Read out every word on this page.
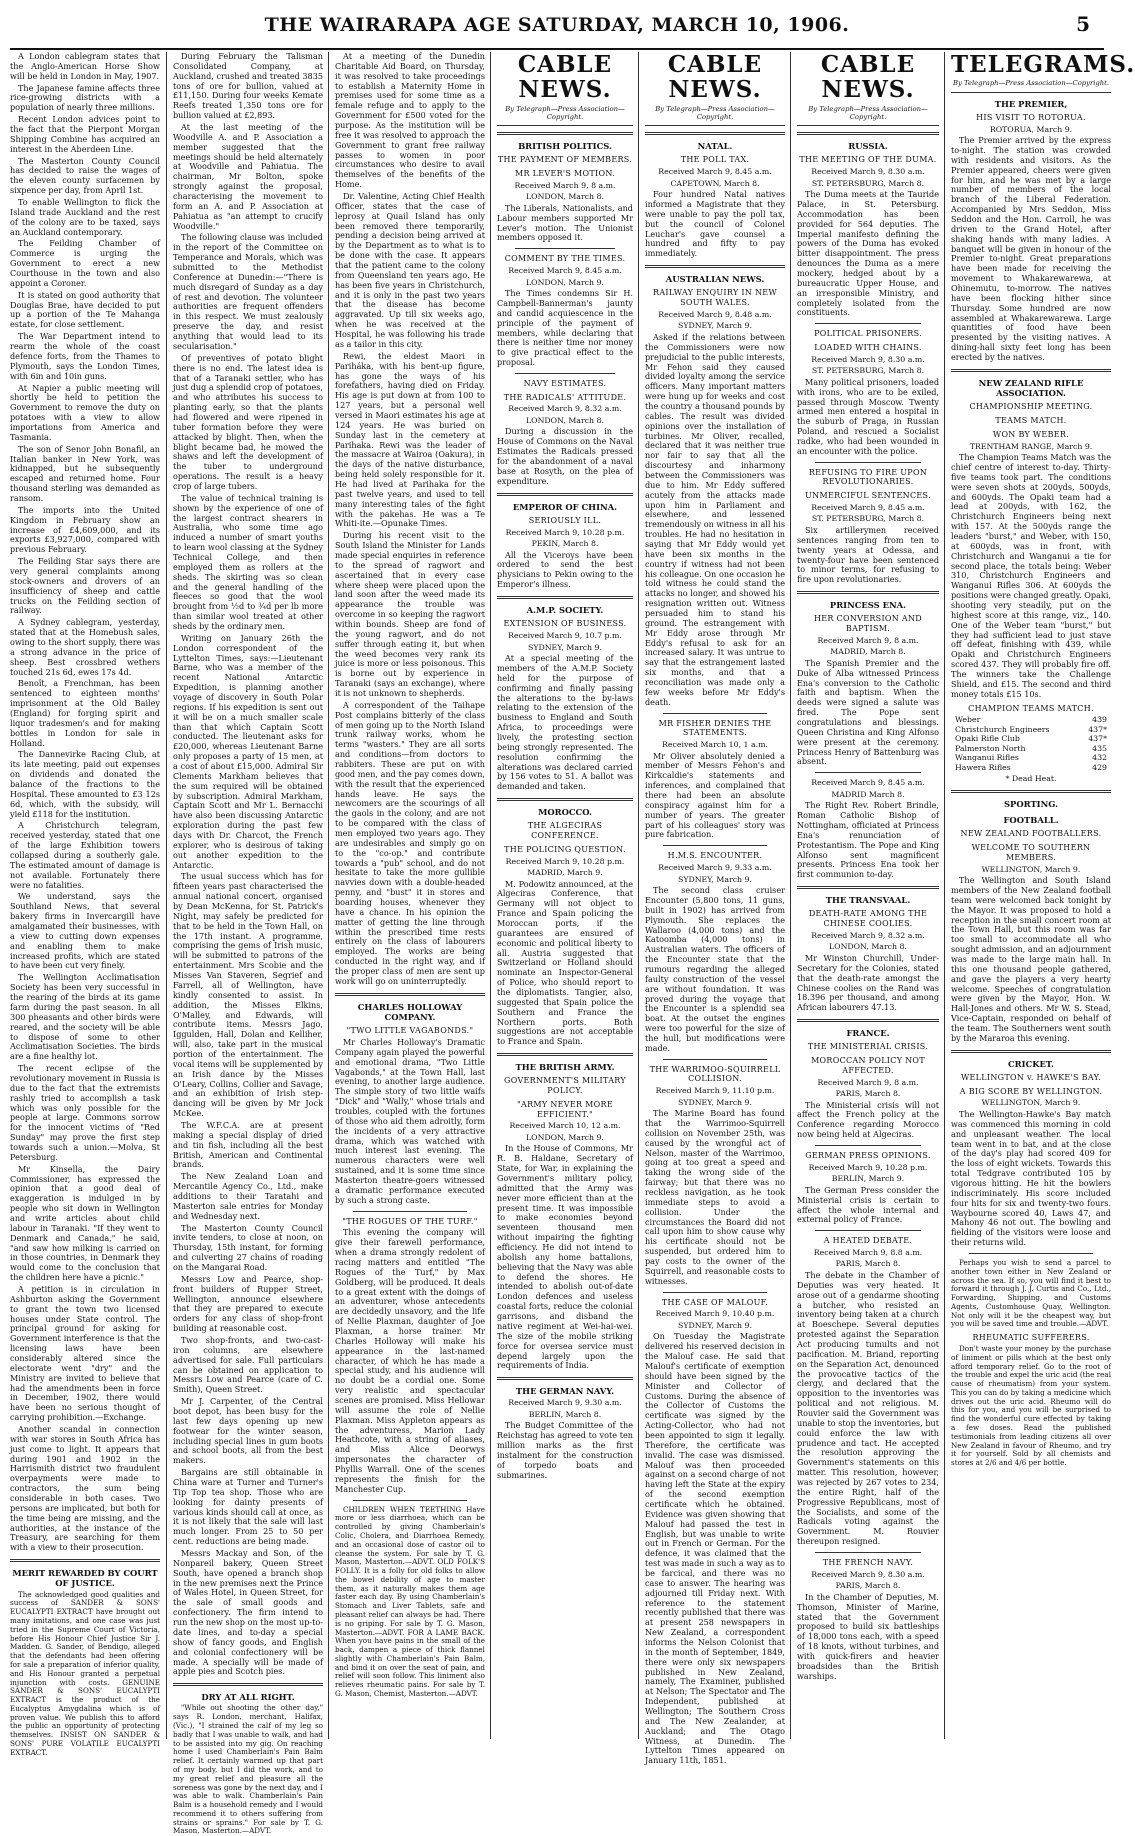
THE WAIRARAPA AGE SATURDAY, MARCH 10, 1906.	5

A London cablegram states that the Anglo-American Horse Show will be held in London in May, 1907.

The Japanese famine affects three rice-growing districts with a population of nearly three millions.

Recent London advices point to the fact that the Pierpont Morgan Shipping Combine has acquired an interest in the Aberdeen Line.

The Masterton County Council has decided to raise the wages of the eleven county surfacemen by sixpence per day, from April 1st.

To enable Wellington to flick the Island trade Auckland and the rest of the colony are to be taxed, says an Auckland contemporary.

The Feilding Chamber of Commerce is urging the Government to erect a new Courthouse in the town and also appoint a Coroner.

It is stated on good authority that Douglas Brae, have decided to put up a portion of the Te Mahanga estate, for close settlement.

The War Department intend to rearm the whole of the coast defence forts, from the Thames to Plymouth, says the London Times, with 6in and 10in guns.

At Napier a public meeting will shortly be held to petition the Government to remove the duty on potatoes with a view to allow importations from America and Tasmania.

The son of Senor John Bonafil, an Italian banker in New York, was kidnapped, but he subsequently escaped and returned home. Four thousand sterling was demanded as ransom.

The imports into the United Kingdom in February show an increase of £4,609,000, and its exports £3,927,000, compared with previous February.

The Feilding Star says there are very general complaints among stock-owners and drovers of an insufficiency of sheep and cattle trucks on the Feilding section of railway.

A Sydney cablegram, yesterday, stated that at the Homebush sales, owing to the short supply, there was a strong advance in the price of sheep. Best crossbred wethers touched 21s 6d, ewes 17s 4d.

Benoît, a Frenchman, has been sentenced to eighteen months' imprisonment at the Old Bailey (England) for forging spirit and liquor tradesmen's and for making bottles in London for sale in Holland.

The Dannevirke Racing Club, at its late meeting, paid out expenses on dividends and donated the balance of the fractions to the Hospital. These amounted to £3 12s 6d, which, with the subsidy, will yield £118 for the institution.

A Christchurch telegram, received yesterday, stated that one of the large Exhibition towers collapsed during a southerly gale. The estimated amount of damage is not available. Fortunately there were no fatalities.

We understand, says the Southland News, that several bakery firms in Invercargill have amalgamated their businesses, with a view to cutting down expenses and enabling them to make increased profits, which are stated to have been cut very finely.

The Wellington Acclimatisation Society has been very successful in the rearing of the birds at its game farm during the past season. In all 300 pheasants and other birds were reared, and the society will be able to dispose of some to other Acclimatisation Societies. The birds are a fine healthy lot.

The recent eclipse of the revolutionary movement in Russia is due to the fact that the extremists rashly tried to accomplish a task which was only possible for the people at large. Commons sorrow for the innocent victims of "Red Sunday" may prove the first step towards such a union.—Molva, St Petersburg.

Mr Kinsella, the Dairy Commissioner, has expressed the opinion that a good deal of exaggeration is indulged in by people who sit down in Wellington and write articles about child labour in Taranaki. "If they went to Denmark and Canada," he said, "and saw how milking is carried on in those countries, in Denmark they would come to the conclusion that the children here have a picnic."

A petition is in circulation in Ashburton asking the Government to grant the town two licensed houses under State control. The principal ground for asking for Government interference is that the licensing laws have been considerably altered since the electorate went "dry" and the Ministry are invited to believe that had the amendments been in force in December, 1902, there would have been no serious thought of carrying prohibition.—Exchange.

Another scandal in connection with war stores in South Africa has just come to light. It appears that during 1901 and 1902 in the Harrismith district two fraudulent overpayments were made to contractors, the sum being considerable in both cases. Two persons are implicated, but both for the time being are missing, and the authorities, at the instance of the Treasury, are searching for them with a view to their prosecution.

MERIT REWARDED BY COURT OF JUSTICE.

The acknowledged good qualities and success of SANDER & SONS' EUCALYPTI EXTRACT have brought out many imitations, and one case was just tried in the Supreme Court of Victoria, before His Honour Chief Justice Sir J. Madden. G. Sander, of Bendigo, alleged that the defendants had been offering for sale a preparation of inferior quality, and His Honour granted a perpetual injunction with costs. GENUINE SANDER & SONS' EUCALYPTI EXTRACT is the product of the Eucalyptus Amygdalina which is of proven value. We publish this to afford the public an opportunity of protecting themselves. INSIST ON SANDER & SONS' PURE VOLATILE EUCALYPTI EXTRACT.

During February the Talisman Consolidated Company, at Auckland, crushed and treated 3835 tons of ore for bullion, valued at £11,150. During four weeks Kemate Reefs treated 1,350 tons ore for bullion valued at £2,893.

At the last meeting of the Woodville A. and P. Association a member suggested that the meetings should be held alternately at Woodville and Pahiatua. The chairman, Mr Bolton, spoke strongly against the proposal, characterising the movement to form an A. and P. Association at Pahiatua as "an attempt to crucify Woodville."

The following clause was included in the report of the Committee on Temperance and Morals, which was submitted to the Methodist Conference at Dunedin:—"There is much disregard of Sunday as a day of rest and devotion. The volunteer authorities are frequent offenders in this respect. We must zealously preserve the day, and resist anything that would lead to its secularisation."

Of preventives of potato blight there is no end. The latest idea is that of a Taranaki settler, who has just dug a splendid crop of potatoes, and who attributes his success to planting early, so that the plants had flowered and were ripened in tuber formation before they were attacked by blight. Then, when the blight became bad, he mowed the shaws and left the development of the tuber to underground operations. The result is a heavy crop of large tubers.

The value of technical training is shown by the experience of one of the largest contract shearers in Australia, who some time ago induced a number of smart youths to learn wool classing at the Sydney Technical College, and then employed them as rollers at the sheds. The skirting was so clean and the general handling of the fleeces so good that the wool brought from ½d to ¾d per lb more than similar wool treated at other sheds by the ordinary men.

Writing on January 26th the London correspondent of the Lyttelton Times, says:—Lieutenant Barne, who was a member of the recent National Antarctic Expedition, is planning another voyage of discovery in South Polar regions. If his expedition is sent out it will be on a much smaller scale than that which Captain Scott conducted. The lieutenant asks for £20,000, whereas Lieutenant Barne only proposes a party of 15 men, at a cost of about £15,000. Admiral Sir Clements Markham believes that the sum required will be obtained by subscription. Admiral Markham, Captain Scott and Mr L. Bernacchi have also been discussing Antarctic exploration during the past few days with Dr. Charcot, the French explorer, who is desirous of taking out another expedition to the Antarctic.

The usual success which has for fifteen years past characterised the annual national concert, organised by Dean McKenna, for St. Patrick's Night, may safely be predicted for that to be held in the Town Hall, on the 17th instant. A programme, comprising the gems of Irish music, will be submitted to patrons of the entertainment. Mrs Scobie and the Misses Van Staveren, Segrief and Farrell, all of Wellington, have kindly consented to assist. In addition, the Misses Elkins, O'Malley, and Edwards, will contribute items. Messrs Jago, Iggulden, Hall, Dolan and Kelliher, will, also, take part in the musical portion of the entertainment. The vocal items will be supplemented by an Irish dance by the Misses O'Leary, Collins, Collier and Savage, and an exhibition of Irish step-dancing will be given by Mr Jock McKee.

The W.F.C.A. are at present making a special display of dried and tin fish, including all the best British, American and Continental brands.

The New Zealand Loan and Mercantile Agency Co., Ltd., make additions to their Taratahi and Masterton sale entries for Monday and Wednesday next.

The Masterton County Council invite tenders, to close at noon, on Thursday, 15th instant, for forming and culverting 27 chains of roading on the Mangarai Road.

Messrs Low and Pearce, shop-front builders of Rupper Street, Wellington, announce elsewhere that they are prepared to execute orders for any class of shop-front building at reasonable cost.

Two shop-fronts, and two-cast-iron columns, are elsewhere advertised for sale. Full particulars can be obtained on application to Messrs Low and Pearce (care of C. Smith), Queen Street.

Mr J. Carpenter, of the Central boot depot, has been busy for the last few days opening up new footwear for the winter season, including special lines in gum boots and school boots, all from the best makers.

Bargains are still obtainable in China ware at Turner and Turner's Tip Top tea shop. Those who are looking for dainty presents of various kinds should call at once, as it is not likely that the sale will last much longer. From 25 to 50 per cent. reductions are being made.

Messrs Mackay and Son, of the Nonpareil bakery, Queen Street South, have opened a branch shop in the new premises next the Prince of Wales Hotel, in Queen Street, for the sale of small goods and confectionery. The firm intend to run the new shop on the most up-to-date lines, and to-day a special show of fancy goods, and English and colonial confectionery will be made. A specially will be made of apple pies and Scotch pies.

DRY AT ALL RIGHT.

"While out shooting the other day," says R. London, merchant, Halifax, (Vic.), "I strained the calf of my leg so badly that I was unable to walk, and had to be assisted into my gig. On reaching home I used Chamberlain's Pain Balm relief. It certainly warmed up that part of my body, but I did the work, and to my great relief and pleasure all the soreness was gone by the next day, and I was able to walk. Chamberlain's Pain Balm is a household remedy and I would recommend it to others suffering from strains or sprains." For sale by T. G. Mason, Masterton.—ADVT.

At a meeting of the Dunedin Charitable Aid Board, on Thursday, it was resolved to take proceedings to establish a Maternity Home in premises used for some time as a female refuge and to apply to the Government for £500 voted for the purpose. As the institution will be free it was resolved to approach the Government to grant free railway passes to women in poor circumstances who desire to avail themselves of the benefits of the Home.

Dr. Valentine, Acting Chief Health Officer, states that the case of leprosy at Quail Island has only been removed there temporarily, pending a decision being arrived at by the Department as to what is to be done with the case. It appears that the patient came to the colony from Queensland ten years ago. He has been five years in Christchurch, and it is only in the past two years that the disease has become aggravated. Up till six weeks ago, when he was received at the Hospital, he was following his trade as a tailor in this city.

Rewi, the eldest Maori in Pariháka, with his bent-up figure, has gone the ways of his forefathers, having died on Friday. His age is put down at from 100 to 127 years, but a personal well versed in Maori estimates his age at 124 years. He was buried on Sunday last in the cemetery at Parihaka. Rewi was the leader of the massacre at Wairoa (Oakura), in the days of the native disturbance, being held solely responsible for it. He had lived at Parihaka for the past twelve years, and used to tell many interesting tales of the fight with the pakehas. He was a Te Whiti-ite.—Opunake Times.

During his recent visit to the South Island the Minister for Lands made special enquiries in reference to the spread of ragwort and ascertained that in every case where sheep were placed upon the land soon after the weed made its appearance the trouble was overcome in so keeping the ragwort within bounds. Sheep are fond of the young ragwort, and do not suffer through eating it, but when the weed becomes very rank its juice is more or less poisonous. This is borne out by experience in Taranaki (says an exchange), where it is not unknown to shepherds.

A correspondent of the Taihape Post complains bitterly of the class of men going up to the North Island trunk railway works, whom he terms "wasters." They are all sorts and conditions—from doctors to rabbiters. These are put on with good men, and the pay comes down, with the result that the experienced hands leave. He says the newcomers are the scourings of all the gaols in the colony, and are not to be compared with the class of men employed two years ago. They are undesirables and simply go on to the "co-op." and contribute towards a "pub" school, and do not hesitate to take the more gullible navvies down with a double-headed penny, and "bust" it in stores and boarding houses, whenever they have a chance. In his opinion the matter of getting the line through within the prescribed time rests entirely on the class of labourers employed. The works are being conducted in the right way, and if the proper class of men are sent up work will go on uninterruptedly.

CHARLES HOLLOWAY COMPANY.
"TWO LITTLE VAGABONDS."

Mr Charles Holloway's Dramatic Company again played the powerful and emotional drama, "Two Little Vagabonds," at the Town Hall, last evening, to another large audience. The simple story of two little waifs "Dick" and "Wally," whose trials and troubles, coupled with the fortunes of those who aid them adroitly, form the incidents of a very attractive drama, which was watched with much interest last evening. The numerous characters were well sustained, and it is some time since Masterton theatre-goers witnessed a dramatic performance executed by such a strong caste.

"THE ROGUES OF THE TURF."

This evening the company will give their farewell performance, when a drama strongly redolent of racing matters and entitled "The Rogues of the Turf," by Max Goldberg, will be produced. It deals to a great extent with the doings of an adventurer, whose antecedents are decidedly unsavory, and the life of Nellie Plaxman, daughter of Joe Plaxman, a horse trainer. Mr Charles Holloway will make his appearance in the last-named character, of which he has made a special study, and his audience will no doubt be a cordial one. Some very realistic and spectacular scenes are promised. Miss Hellowar will assume the role of Nellie Plaxman. Miss Appleton appears as the adventuress, Marion Lady Heathcote, with a string of aliases, and Miss Alice Deorwys impersonates the character of Phyllis Warrall. One of the scenes represents the finish for the Manchester Cup.

CHILDREN WHEN TEETHING Have more or less diarrhoea, which can be controlled by giving Chamberlain's Colic, Cholera, and Diarrhoea Remedy, and an occasional dose of castor oil to cleanse the system. For sale by T. G. Mason, Masterton.—ADVT. OLD FOLK'S FOLLY. It is a folly for old folks to allow the bowel debility of age to master them, as it naturally makes them age faster each day. By using Chamberlain's Stomach and Liver Tablets, safe and pleasant relief can always be had. There is no griping. For sale by T. G. Mason, Masterton.—ADVT. FOR A LAME BACK. When you have pains in the small of the back, dampen a piece of thick flannel slightly with Chamberlain's Pain Balm, and bind it on over the seat of pain, and relief will soon follow. This liniment also relieves rheumatic pains. For sale by T. G. Mason, Chemist, Masterton.—ADVT.

CABLE NEWS.
By Telegraph—Press Association—Copyright.
BRITISH POLITICS.
THE PAYMENT OF MEMBERS.
MR LEVER'S MOTION.
Received March 9, 8 a.m.
LONDON, March 8.

The Liberals, Nationalists, and Labour members supported Mr Lever's motion. The Unionist members opposed it.

COMMENT BY THE TIMES.
Received March 9, 8.45 a.m.
LONDON, March 9.

The Times condemns Sir H. Campbell-Bannerman's jaunty and candid acquiescence in the principle of the payment of members, while declaring that there is neither time nor money to give practical effect to the proposal.

NAVY ESTIMATES.
THE RADICALS' ATTITUDE.
Received March 9, 8.32 a.m.
LONDON, March 8.

During a discussion in the House of Commons on the Naval Estimates the Radicals pressed for the abandonment of a naval base at Rosyth, on the plea of expenditure.

EMPEROR OF CHINA.
SERIOUSLY ILL.
Received March 9, 10.28 p.m.
PEKIN, March 8.

All the Viceroys have been ordered to send the best physicians to Pekin owing to the Emperor's illness.

A.M.P. SOCIETY.
EXTENSION OF BUSINESS.
Received March 9, 10.7 p.m.
SYDNEY, March 9.

At a special meeting of the members of the A.M.P. Society held for the purpose of confirming and finally passing the alterations to the by-laws relating to the extension of the business to England and South Africa, to proceedings were lively, the protesting section being strongly represented. The resolution confirming the alterations was declared carried by 156 votes to 51. A ballot was demanded and taken.

MOROCCO.
THE ALGECIRAS CONFERENCE.
THE POLICING QUESTION.
Received March 9, 10.28 p.m.
MADRID, March 9.

M. Podowitz announced, at the Algeciras Conference, that Germany will not object to France and Spain policing the Moroccan ports, if the guarantees are ensured of economic and political liberty to all. Austria suggested that Switzerland or Holland should nominate an Inspector-General of Police, who should report to the diplomatists. Tangier, also, suggested that Spain police the Southern and France the Northern ports. Both suggestions are not acceptable to France and Spain.

THE BRITISH ARMY.
GOVERNMENT'S MILITARY POLICY.
"ARMY NEVER MORE EFFICIENT."
Received March 10, 12 a.m.
LONDON, March 9.

In the House of Commons, Mr R. B. Haldane, Secretary of State, for War, in explaining the Government's military policy, admitted that the Army was never more efficient than at the present time. It was impossible to make economies beyond seventeen thousand men without impairing the fighting efficiency. He did not intend to abolish any home battalions, believing that the Navy was able to defend the shores. He intended to abolish out-of-date London defences and useless coastal forts, reduce the colonial garrisons, and disband the native regiment at Wei-hai-wei. The size of the mobile striking force for oversea service must depend largely upon the requirements of India.

THE GERMAN NAVY.
Received March 9, 9.30 a.m.
BERLIN, March 8.

The Budget Committee of the Reichstag has agreed to vote ten million marks as the first instalment for the construction of torpedo boats and submarines.

CABLE NEWS.
By Telegraph—Press Association—Copyright.
NATAL.
THE POLL TAX.
Received March 9, 8.45 a.m.
CAPETOWN, March 8.

Four hundred Natal natives informed a Magistrate that they were unable to pay the poll tax, but the council of Colonel Leuchar's gave counsel a hundred and fifty to pay immediately.

AUSTRALIAN NEWS.
RAILWAY ENQUIRY IN NEW SOUTH WALES.
Received March 9, 8.48 a.m.
SYDNEY, March 9.

Asked if the relations between the Commissioners were now prejudicial to the public interests, Mr Fehon said they caused divided loyalty among the service officers. Many important matters were hung up for weeks and cost the country a thousand pounds by cables. The result was divided opinions over the installation of turbines. Mr Oliver, recalled, declared that it was neither true nor fair to say that all the discourtesy and inharmony between the Commissioners was due to him. Mr Eddy suffered acutely from the attacks made upon him in Parliament and elsewhere, and lessened tremendously on witness in all his troubles. He had no hesitation in saying that Mr Eddy would yet have been six months in the country if witness had not been his colleague. On one occasion he told witness he could stand the attacks no longer, and showed his resignation written out. Witness persuaded him to stand his ground. The estrangement with Mr Eddy arose through Mr Eddy's refusal to ask for an increased salary. It was untrue to say that the estrangement lasted six months, and that a reconciliation was made only a few weeks before Mr Eddy's death.

MR FISHER DENIES THE STATEMENTS.
Received March 10, 1 a.m.

Mr Oliver absolutely denied a member of Messrs Fehon's and Kirkcaldie's statements and inferences, and complained that there had been an absolute conspiracy against him for a number of years. The greater part of his colleagues' story was pure fabrication.

H.M.S. ENCOUNTER.
Received March 9, 9.33 a.m.
SYDNEY, March 9.

The second class cruiser Encounter (5,800 tons, 11 guns, built in 1902) has arrived from Plymouth. She replaces the Wallaroo (4,000 tons) and the Katoomba (4,000 tons) in Australian waters. The officers of the Encounter state that the rumours regarding the alleged faulty construction of the vessel are without foundation. It was proved during the voyage that the Encounter is a splendid sea boat. At the outset the engines were too powerful for the size of the hull, but modifications were made.

THE WARRIMOO-SQUIRRELL COLLISION.
Received March 9, 11.10 p.m.
SYDNEY, March 9.

The Marine Board has found that the Warrimoo-Squirrell collision on November 25th, was caused by the wrongful act of Nelson, master of the Warrimoo, going at too great a speed and taking the wrong side of the fairway; but that there was no reckless navigation, as he took immediate steps to avoid a collision. Under the circumstances the Board did not call upon him to show cause why his certificate should not be suspended, but ordered him to pay costs to the owner of the Squirrell, and reasonable costs to witnesses.

THE CASE OF MALOUF.
Received March 9, 10.40 p.m.
SYDNEY, March 9.

On Tuesday the Magistrate delivered his reserved decision in the Malouf case. He said that Malouf's certificate of exemption should have been signed by the Minister and Collector of Customs. During the absence of the Collector of Customs the certificate was signed by the Acting-Collector, who had not been appointed to sign it legally. Therefore, the certificate was invalid. The case was dismissed. Malouf was then proceeded against on a second charge of not having left the State at the expiry of the second exemption certificate which he obtained. Evidence was given showing that Malouf had passed the test in English, but was unable to write out in French or German. For the defence, it was claimed that the test was made in such a way as to be farcical, and there was no case to answer. The hearing was adjourned till Friday next. With reference to the statement recently published that there was at present 258 newspapers in New Zealand, a correspondent informs the Nelson Colonist that in the month of September, 1849, there were only six newspapers published in New Zealand, namely, The Examiner, published at Nelson; The Spectator and The Independent, published at Wellington; The Southern Cross and The New Zealander, at Auckland; and The Otago Witness, at Dunedin. The Lyttelton Times appeared on January 11th, 1851.

CABLE NEWS.
By Telegraph—Press Association—Copyright.
RUSSIA.
THE MEETING OF THE DUMA.
Received March 9, 8.30 a.m.
ST. PETERSBURG, March 8.

The Duma meets at the Tauride Palace, in St. Petersburg. Accommodation has been provided for 564 deputies. The Imperial manifesto defining the powers of the Duma has evoked bitter disappointment. The press denounces the Duma as a mere mockery, hedged about by a bureaucratic Upper House, and an irresponsible Ministry, and completely isolated from the constituents.

POLITICAL PRISONERS.
LOADED WITH CHAINS.
Received March 9, 8.30 a.m.
ST. PETERSBURG, March 8.

Many political prisoners, loaded with irons, who are to be exiled, passed through Moscow. Twenty armed men entered a hospital in the suburb of Praga, in Russian Poland, and rescued a Socialist radke, who had been wounded in an encounter with the police.

REFUSING TO FIRE UPON REVOLUTIONARIES.
UNMERCIFUL SENTENCES.
Received March 9, 8.45 a.m.
ST. PETERSBURG, March 8.

Six artillerymen received sentences ranging from ten to twenty years at Odessa, and twenty-four have been sentenced to minor terms, for refusing to fire upon revolutionaries.

PRINCESS ENA.
HER CONVERSION AND BAPTISM.
Received March 9, 8 a.m.
MADRID, March 8.

The Spanish Premier and the Duke of Alba witnessed Princess Ena's conversion to the Catholic faith and baptism. When the deeds were signed a salute was fired. The Pope sent congratulations and blessings. Queen Christina and King Alfonso were present at the ceremony. Princess Henry of Battenburg was absent.

Received March 9, 8.45 a.m.
MADRID March 8.

The Right Rev. Robert Brindle, Roman Catholic Bishop of Nottingham, officiated at Princess Ena's renunciation of Protestantism. The Pope and King Alfonso sent magnificent presents. Princess Ena took her first communion to-day.

THE TRANSVAAL.
DEATH-RATE AMONG THE CHINESE COOLIES.
Received March 9, 8.32 a.m.
LONDON, March 8.

Mr Winston Churchill, Under-Secretary for the Colonies, stated that the death-rate amongst the Chinese coolies on the Rand was 18.396 per thousand, and among African labourers 47.13.

FRANCE.
THE MINISTERIAL CRISIS.
MOROCCAN POLICY NOT AFFECTED.
Received March 9, 8 a.m.
PARIS, March 8.

The Ministerial crisis will not affect the French policy at the Conference regarding Morocco now being held at Algeciras.

GERMAN PRESS OPINIONS.
Received March 9, 10.28 p.m.
BERLIN, March 9.

The German Press consider the Ministerial crisis is certain to affect the whole internal and external policy of France.

A HEATED DEBATE.
Received March 9, 8.8 a.m.
PARIS, March 8.

The debate in the Chamber of Deputies was very heated. It arose out of a gendarme shooting a butcher, who resisted an inventory being taken at a church at Boeschepe. Several deputies protested against the Separation Act producing tumults and not pacification. M. Briand, reporting on the Separation Act, denounced the provocative tactics of the clergy, and declared that the opposition to the inventories was political and not religious. M. Rouvier said the Government was unable to stop the inventories, but could enforce the law with prudence and tact. He accepted the resolution approving the Government's statements on this matter. This resolution, however, was rejected by 267 votes to 234, the entire Right, half of the Progressive Republicans, most of the Socialists, and some of the Radicals voting against the Government. M. Rouvier thereupon resigned.

THE FRENCH NAVY.
Received March 9, 8.30 a.m.
PARIS, March 8.

In the Chamber of Deputies, M. Thomson, Minister of Marine, stated that the Government proposed to build six battleships of 18,000 tons each, with a speed of 18 knots, without turbines, and with quick-firers and heavier broadsides than the British warships.

TELEGRAMS.
By Telegraph—Press Association—Copyright.
THE PREMIER,
HIS VISIT TO ROTORUA.
ROTORUA, March 9.

The Premier arrived by the express to-night. The station was crowded with residents and visitors. As the Premier appeared, cheers were given for him, and he was met by a large number of members of the local branch of the Liberal Federation. Accompanied by Mrs Seddon, Miss Seddon and the Hon. Carroll, he was driven to the Grand Hotel, after shaking hands with many ladies. A banquet will be given in honour of the Premier to-night. Great preparations have been made for receiving the movement to Whakarewarewa, at Ohinemutu, to-morrow. The natives have been flocking hither since Thursday. Some hundred are now assembled at Whakarewarewa. Large quantities of food have been presented by the visiting natives. A dining-hall sixty feet long has been erected by the natives.

NEW ZEALAND RIFLE ASSOCIATION.
CHAMPIONSHIP MEETING.
TEAMS MATCH.
WON BY WEBER.
TRENTHAM RANGE, March 9.

The Champion Teams Match was the chief centre of interest to-day. Thirty-five teams took part. The conditions were seven shots at 200yds, 500yds, and 600yds. The Opaki team had a lead at 200yds, with 162, the Christchurch Engineers being next with 157. At the 500yds range the leaders "burst," and Weber, with 150, at 600yds, was in front, with Christchurch and Wanganui a tie for second place, the totals being: Weber 310, Christchurch Engineers and Wanganui Rifles 306. At 600yds the positions were changed greatly. Opaki, shooting very steadily, put on the highest score at this range, viz., 140. One of the Weber team "burst," but they had sufficient lead to just stave off defeat, finishing with 439, while Opaki and Christchurch Engineers scored 437. They will probably fire off. The winners take the Challenge Shield, and £15. The second and third money totals £15 10s.

CHAMPION TEAMS MATCH.
Weber	439
Christchurch Engineers	437*
Opaki Rifle Club	437*
Palmerston North	435
Wanganui Rifles	432
Hawera Rifles	429
* Dead Heat.
SPORTING.
FOOTBALL.
NEW ZEALAND FOOTBALLERS.
WELCOME TO SOUTHERN MEMBERS.
WELLINGTON, March 9.

The Wellington and South Island members of the New Zealand football team were welcomed back tonight by the Mayor. It was proposed to hold a reception in the small concert room at the Town Hall, but this room was far too small to accommodate all who sought admission, and an adjournment was made to the large main hall. In this one thousand people gathered, and gave the players a very hearty welcome. Speeches of congratulation were given by the Mayor, Hon. W. Hall-Jones and others. Mr W. S. Stead, Vice-Captain, responded on behalf of the team. The Southerners went south by the Mararoa this evening.

CRICKET.
WELLINGTON v. HAWKE'S BAY.
A BIG SCORE BY WELLINGTON.
WELLINGTON, March 9.

The Wellington-Hawke's Bay match was commenced this morning in cold and unpleasant weather. The local team went in to bat, and at the close of the day's play had scored 409 for the loss of eight wickets. Towards this total Tedgrave contributed 105 by vigorous hitting. He hit the bowlers indiscriminately. His score included four hits for six and twenty-two fours. Waybourne scored 40, Laws 47, and Mahony 46 not out. The bowling and fielding of the visitors were loose and their returns wild.

Perhaps you wish to send a parcel to another town either in New Zealand or across the sea. If so, you will find it best to forward it through J. J. Curtis and Co., Ltd., Forwarding, Shipping, and Customs Agents, Customhouse Quay, Wellington. Not only will it be the cheapest way, but you will be saved time and trouble.—ADVT.

RHEUMATIC SUFFERERS.

Don't waste your money by the purchase of liniment or pills which at the best only afford temporary relief. Go to the root of the trouble and expel the uric acid (the real cause of rheumatism) from your system. This you can do by taking a medicine which drives out the uric acid. Rheumo will do this for you, and you will be surprised to find the wonderful cure effected by taking a few doses. Read the published testimonials from leading citizens all over New Zealand in favour of Rheumo, and try it for yourself. Sold by all chemists and stores at 2/6 and 4/6 per bottle.
